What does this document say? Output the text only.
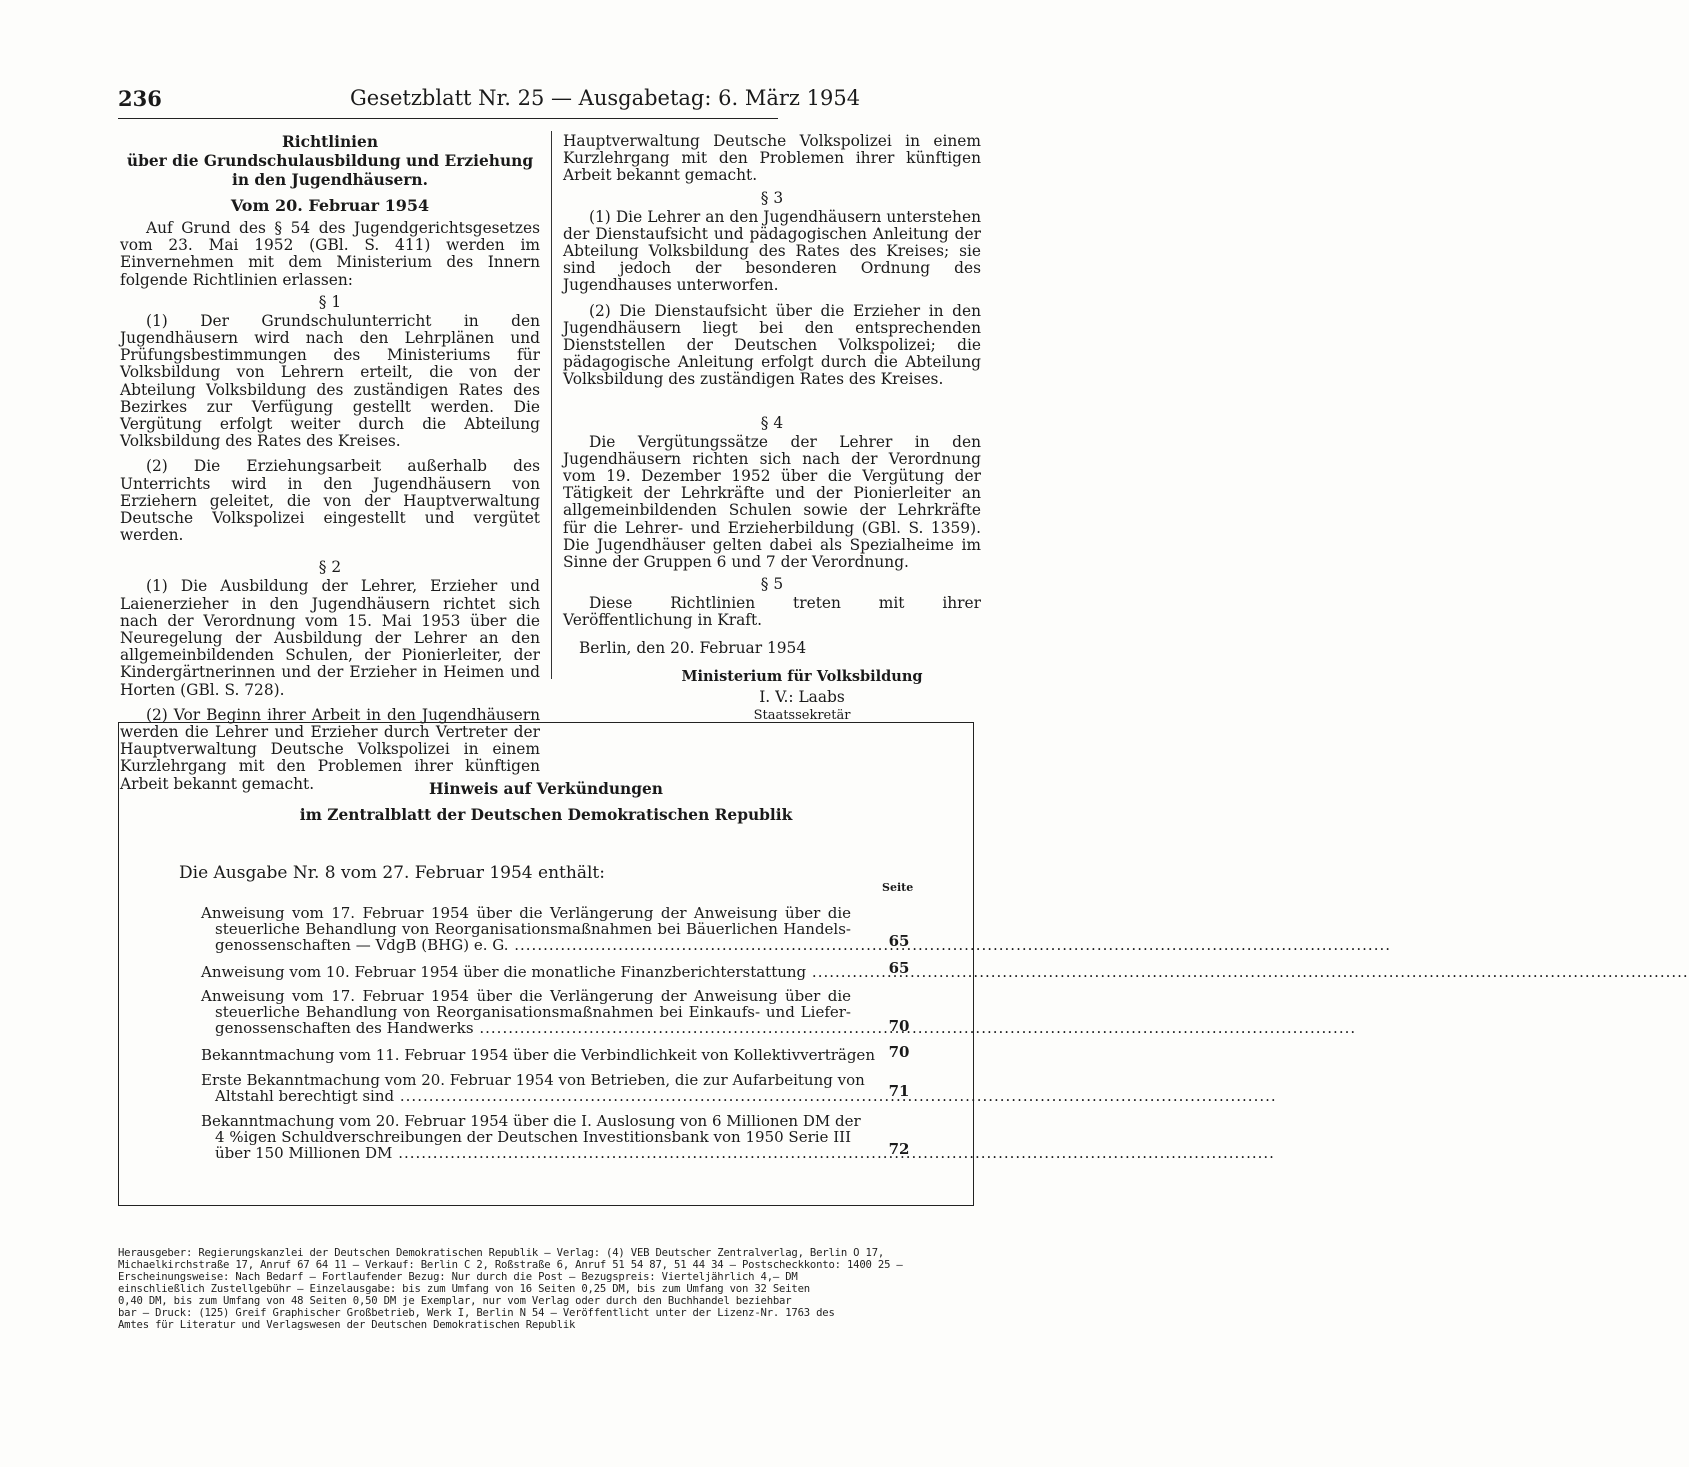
236	Gesetzblatt Nr. 25 — Ausgabetag: 6. März 1954
Richtlinien
über die Grundschulausbildung und Erziehung
in den Jugendhäusern.
Vom 20. Februar 1954

Auf Grund des § 54 des Jugendgerichtsgesetzes vom 23. Mai 1952 (GBl. S. 411) werden im Einvernehmen mit dem Ministerium des Innern folgende Richtlinien erlassen:

§ 1

(1) Der Grundschulunterricht in den Jugendhäusern wird nach den Lehrplänen und Prüfungsbestimmungen des Ministeriums für Volksbildung von Lehrern erteilt, die von der Abteilung Volksbildung des zuständigen Rates des Bezirkes zur Verfügung gestellt werden. Die Vergütung erfolgt weiter durch die Abteilung Volksbildung des Rates des Kreises.

(2) Die Erziehungsarbeit außerhalb des Unterrichts wird in den Jugendhäusern von Erziehern geleitet, die von der Hauptverwaltung Deutsche Volkspolizei eingestellt und vergütet werden.

§ 2

(1) Die Ausbildung der Lehrer, Erzieher und Laienerzieher in den Jugendhäusern richtet sich nach der Verordnung vom 15. Mai 1953 über die Neuregelung der Ausbildung der Lehrer an den allgemeinbildenden Schulen, der Pionierleiter, der Kindergärtnerinnen und der Erzieher in Heimen und Horten (GBl. S. 728).

(2) Vor Beginn ihrer Arbeit in den Jugendhäusern werden die Lehrer und Erzieher durch Vertreter der Hauptverwaltung Deutsche Volkspolizei in einem Kurzlehrgang mit den Problemen ihrer künftigen Arbeit bekannt gemacht.

Hauptverwaltung Deutsche Volkspolizei in einem Kurzlehrgang mit den Problemen ihrer künftigen Arbeit bekannt gemacht.

§ 3

(1) Die Lehrer an den Jugendhäusern unterstehen der Dienstaufsicht und pädagogischen Anleitung der Abteilung Volksbildung des Rates des Kreises; sie sind jedoch der besonderen Ordnung des Jugendhauses unterworfen.

(2) Die Dienstaufsicht über die Erzieher in den Jugendhäusern liegt bei den entsprechenden Dienststellen der Deutschen Volkspolizei; die pädagogische Anleitung erfolgt durch die Abteilung Volksbildung des zuständigen Rates des Kreises.

§ 4

Die Vergütungssätze der Lehrer in den Jugendhäusern richten sich nach der Verordnung vom 19. Dezember 1952 über die Vergütung der Tätigkeit der Lehrkräfte und der Pionierleiter an allgemeinbildenden Schulen sowie der Lehrkräfte für die Lehrer- und Erzieherbildung (GBl. S. 1359). Die Jugendhäuser gelten dabei als Spezialheime im Sinne der Gruppen 6 und 7 der Verordnung.

§ 5

Diese Richtlinien treten mit ihrer Veröffentlichung in Kraft.

Berlin, den 20. Februar 1954

Ministerium für Volksbildung
I. V.: Laabs
Staatssekretär
Hinweis auf Verkündungen
im Zentralblatt der Deutschen Demokratischen Republik
Die Ausgabe Nr. 8 vom 27. Februar 1954 enthält:
Seite
Anweisung vom 17. Februar 1954 über die Verlängerung der Anweisung über die
steuerliche Behandlung von Reorganisationsmaßnahmen bei Bäuerlichen Handels-
genossenschaften — VdgB (BHG) e. G. .....	65
Anweisung vom 10. Februar 1954 über die monatliche Finanzberichterstattung .....	65
Anweisung vom 17. Februar 1954 über die Verlängerung der Anweisung über die
steuerliche Behandlung von Reorganisationsmaßnahmen bei Einkaufs- und Liefer-
genossenschaften des Handwerks .....	70
Bekanntmachung vom 11. Februar 1954 über die Verbindlichkeit von Kollektivverträgen 70
Erste Bekanntmachung vom 20. Februar 1954 von Betrieben, die zur Aufarbeitung von
Altstahl berechtigt sind .....	71
Bekanntmachung vom 20. Februar 1954 über die I. Auslosung von 6 Millionen DM der
4 %igen Schuldverschreibungen der Deutschen Investitionsbank von 1950 Serie III
über 150 Millionen DM .....	72
Herausgeber: Regierungskanzlei der Deutschen Demokratischen Republik — Verlag: (4) VEB Deutscher Zentralverlag, Berlin O 17,
Michaelkirchstraße 17, Anruf 67 64 11 — Verkauf: Berlin C 2, Roßstraße 6, Anruf 51 54 87, 51 44 34 — Postscheckkonto: 1400 25 —
Erscheinungsweise: Nach Bedarf — Fortlaufender Bezug: Nur durch die Post — Bezugspreis: Vierteljährlich 4,— DM
einschließlich Zustellgebühr — Einzelausgabe: bis zum Umfang von 16 Seiten 0,25 DM, bis zum Umfang von 32 Seiten
0,40 DM, bis zum Umfang von 48 Seiten 0,50 DM je Exemplar, nur vom Verlag oder durch den Buchhandel beziehbar
bar — Druck: (125) Greif Graphischer Großbetrieb, Werk I, Berlin N 54 — Veröffentlicht unter der Lizenz-Nr. 1763 des
Amtes für Literatur und Verlagswesen der Deutschen Demokratischen Republik
